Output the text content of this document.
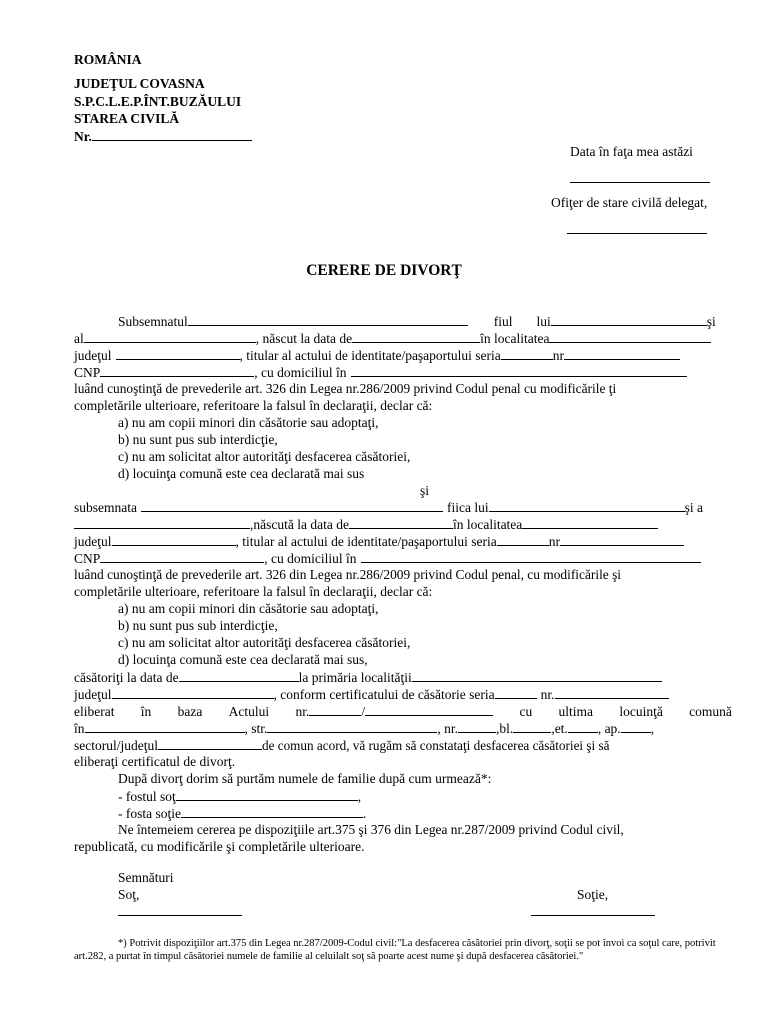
ROMÂNIA
JUDEŢUL COVASNA
S.P.C.L.E.P.ÎNT.BUZĂULUI
STAREA CIVILĂ
Nr.
Data în faţa mea astăzi
Ofiţer de stare civilă delegat,
CERERE DE DIVORŢ
Subsemnatul	fiul lui	şi
al	, născut la data de	în localitatea
judeţul	, titular al actului de identitate/paşaportului seria	nr
CNP	, cu domiciliul în
luând cunoştinţă de prevederile art. 326 din Legea nr.286/2009 privind Codul penal cu modificările ţi
completările ulterioare, referitoare la falsul în declaraţii, declar că:
a) nu am copii minori din căsătorie sau adoptaţi,
b) nu sunt pus sub interdicţie,
c) nu am solicitat altor autorităţi desfacerea căsătoriei,
d) locuinţa comună este cea declarată mai sus
şi
subsemnata	fiica lui	şi a
,născută la data de	în localitatea
judeţul	, titular al actului de identitate/paşaportului seria	nr
CNP	, cu domiciliul în
luând cunoştinţă de prevederile art. 326 din Legea nr.286/2009 privind Codul penal, cu modificările şi
completările ulterioare, referitoare la falsul în declaraţii, declar că:
a) nu am copii minori din căsătorie sau adoptaţi,
b) nu sunt pus sub interdicţie,
c) nu am solicitat altor autorităţi desfacerea căsătoriei,
d) locuinţa comună este cea declarată mai sus,
căsătoriţi la data de	la primăria localităţii
judeţul	, conform certificatului de căsătorie seria	nr.
eliberat în baza Actului nr.	/	cu ultima locuinţă comună
în	, str.	, nr.	,bl.	,et. , ap. ,
sectorul/judeţul	de comun acord, vă rugăm să constataţi desfacerea căsătoriei şi să
eliberaţi certificatul de divorţ.
După divorţ dorim să purtăm numele de familie după cum urmează*:
- fostul soţ	,
- fosta soţie	.
Ne întemeiem cererea pe dispoziţiile art.375 şi 376 din Legea nr.287/2009 privind Codul civil,
republicată, cu modificările şi completările ulterioare.
Semnături
Soţ,	Soţie,
*) Potrivit dispoziţiilor art.375 din Legea nr.287/2009-Codul civil:"La desfacerea căsătoriei prin divorţ, soţii se pot învoi ca soţul care, potrivit art.282, a purtat în timpul căsătoriei numele de familie al celuilalt soţ să poarte acest nume şi după desfacerea căsătoriei."
